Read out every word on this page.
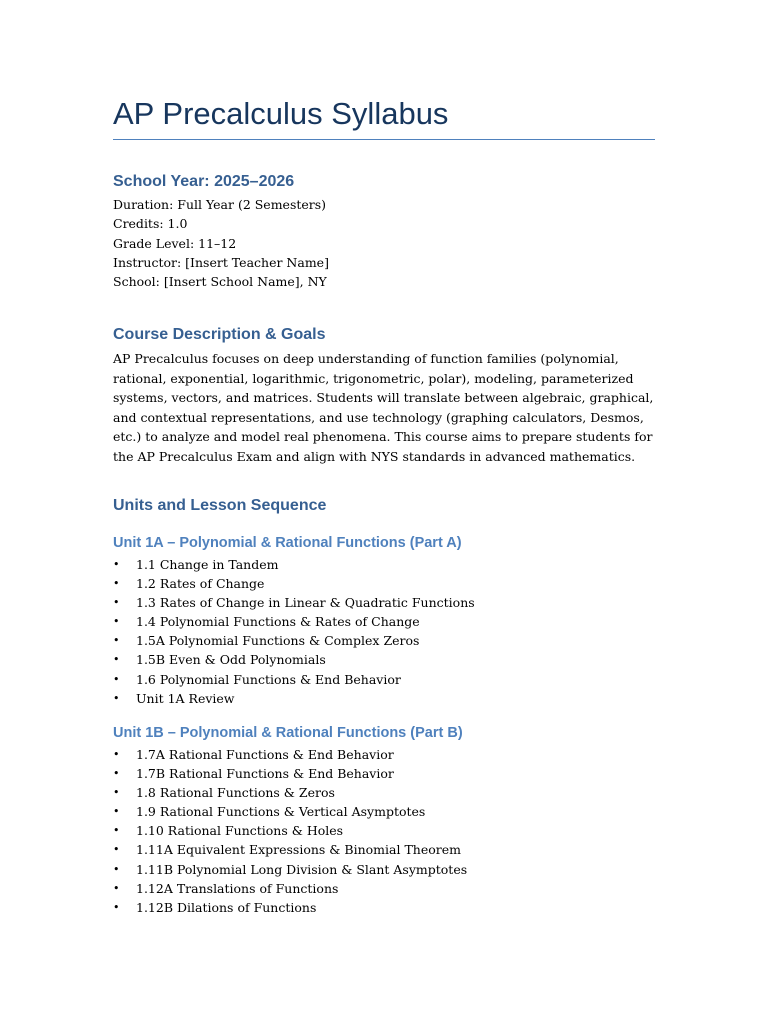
AP Precalculus Syllabus
School Year: 2025–2026
Duration: Full Year (2 Semesters)
Credits: 1.0
Grade Level: 11–12
Instructor: [Insert Teacher Name]
School: [Insert School Name], NY
Course Description & Goals

AP Precalculus focuses on deep understanding of function families (polynomial, rational, exponential, logarithmic, trigonometric, polar), modeling, parameterized systems, vectors, and matrices. Students will translate between algebraic, graphical, and contextual representations, and use technology (graphing calculators, Desmos, etc.) to analyze and model real phenomena. This course aims to prepare students for the AP Precalculus Exam and align with NYS standards in advanced mathematics.

Units and Lesson Sequence
Unit 1A – Polynomial & Rational Functions (Part A)
• 1.1 Change in Tandem
• 1.2 Rates of Change
• 1.3 Rates of Change in Linear & Quadratic Functions
• 1.4 Polynomial Functions & Rates of Change
• 1.5A Polynomial Functions & Complex Zeros
• 1.5B Even & Odd Polynomials
• 1.6 Polynomial Functions & End Behavior
• Unit 1A Review
Unit 1B – Polynomial & Rational Functions (Part B)
• 1.7A Rational Functions & End Behavior
• 1.7B Rational Functions & End Behavior
• 1.8 Rational Functions & Zeros
• 1.9 Rational Functions & Vertical Asymptotes
• 1.10 Rational Functions & Holes
• 1.11A Equivalent Expressions & Binomial Theorem
• 1.11B Polynomial Long Division & Slant Asymptotes
• 1.12A Translations of Functions
• 1.12B Dilations of Functions
